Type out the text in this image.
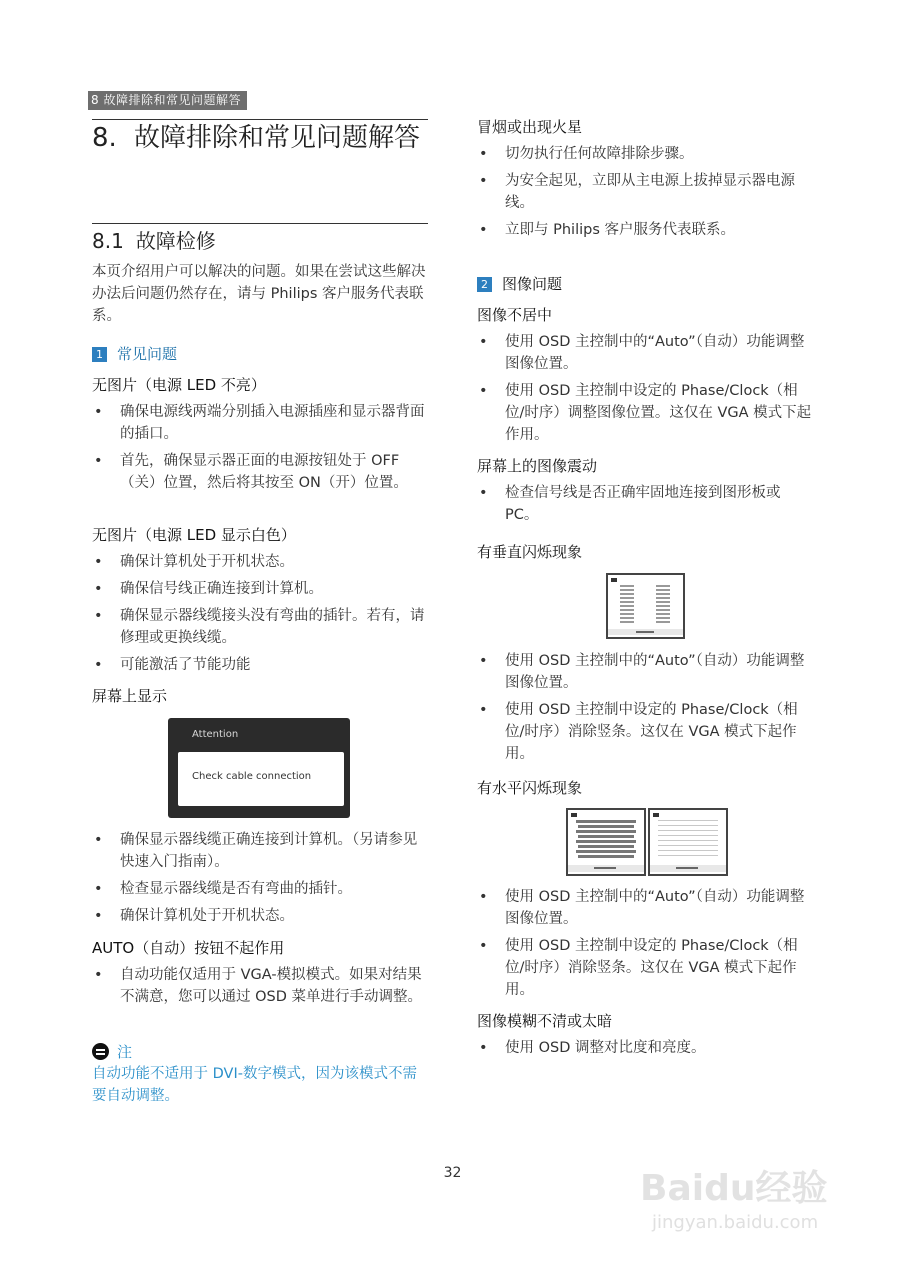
8 故障排除和常见问题解答
8. 故障排除和常见问题解答
8.1 故障检修
本页介绍用户可以解决的问题。如果在尝试这些解决办法后问题仍然存在，请与 Philips 客户服务代表联系。
1 常见问题
无图片（电源 LED 不亮）
• 确保电源线两端分别插入电源插座和显示器背面的插口。
• 首先，确保显示器正面的电源按钮处于 OFF（关）位置，然后将其按至 ON（开）位置。
无图片（电源 LED 显示白色）
• 确保计算机处于开机状态。
• 确保信号线正确连接到计算机。
• 确保显示器线缆接头没有弯曲的插针。若有，请修理或更换线缆。
• 可能激活了节能功能
屏幕上显示
Attention
Check cable connection
• 确保显示器线缆正确连接到计算机。（另请参见快速入门指南）。
• 检查显示器线缆是否有弯曲的插针。
• 确保计算机处于开机状态。
AUTO（自动）按钮不起作用
• 自动功能仅适用于 VGA-模拟模式。如果对结果不满意，您可以通过 OSD 菜单进行手动调整。
注
自动功能不适用于 DVI-数字模式，因为该模式不需要自动调整。
冒烟或出现火星
• 切勿执行任何故障排除步骤。
• 为安全起见，立即从主电源上拔掉显示器电源线。
• 立即与 Philips 客户服务代表联系。
2 图像问题
图像不居中
• 使用 OSD 主控制中的“Auto”（自动）功能调整图像位置。
• 使用 OSD 主控制中设定的 Phase/Clock（相位/时序）调整图像位置。这仅在 VGA 模式下起作用。
屏幕上的图像震动
• 检查信号线是否正确牢固地连接到图形板或 PC。
有垂直闪烁现象
• 使用 OSD 主控制中的“Auto”（自动）功能调整图像位置。
• 使用 OSD 主控制中设定的 Phase/Clock（相位/时序）消除竖条。这仅在 VGA 模式下起作用。
有水平闪烁现象
• 使用 OSD 主控制中的“Auto”（自动）功能调整图像位置。
• 使用 OSD 主控制中设定的 Phase/Clock（相位/时序）消除竖条。这仅在 VGA 模式下起作用。
图像模糊不清或太暗
• 使用 OSD 调整对比度和亮度。
32	Baidu经验
jingyan.baidu.com
